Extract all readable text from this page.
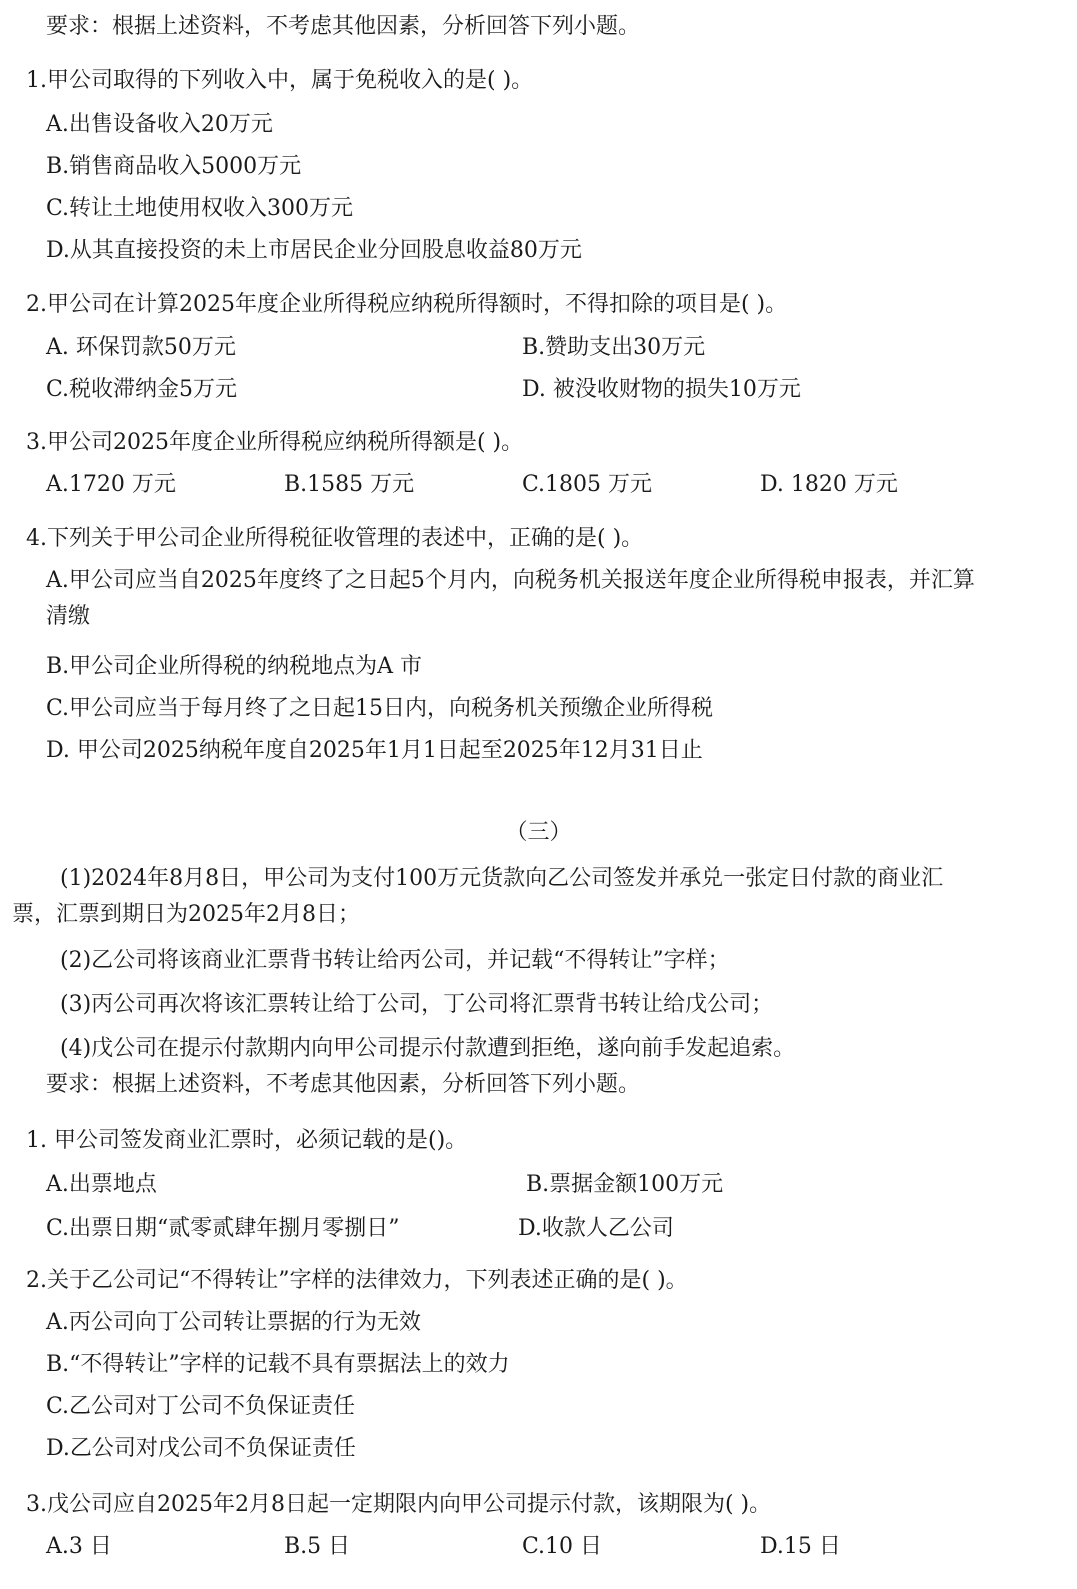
要求：根据上述资料，不考虑其他因素，分析回答下列小题。
1.甲公司取得的下列收入中，属于免税收入的是( )。
A.出售设备收入20万元
B.销售商品收入5000万元
C.转让土地使用权收入300万元
D.从其直接投资的未上市居民企业分回股息收益80万元
2.甲公司在计算2025年度企业所得税应纳税所得额时，不得扣除的项目是( )。
A. 环保罚款50万元	B.赞助支出30万元
C.税收滞纳金5万元	D. 被没收财物的损失10万元
3.甲公司2025年度企业所得税应纳税所得额是( )。
A.1720 万元	B.1585 万元	C.1805 万元	D. 1820 万元
4.下列关于甲公司企业所得税征收管理的表述中，正确的是( )。
A.甲公司应当自2025年度终了之日起5个月内，向税务机关报送年度企业所得税申报表，并汇算
清缴
B.甲公司企业所得税的纳税地点为A 市
C.甲公司应当于每月终了之日起15日内，向税务机关预缴企业所得税
D. 甲公司2025纳税年度自2025年1月1日起至2025年12月31日止
（三）
(1)2024年8月8日，甲公司为支付100万元货款向乙公司签发并承兑一张定日付款的商业汇
票，汇票到期日为2025年2月8日；
(2)乙公司将该商业汇票背书转让给丙公司，并记载“不得转让”字样；
(3)丙公司再次将该汇票转让给丁公司，丁公司将汇票背书转让给戊公司；
(4)戊公司在提示付款期内向甲公司提示付款遭到拒绝，遂向前手发起追索。
要求：根据上述资料，不考虑其他因素，分析回答下列小题。
1. 甲公司签发商业汇票时，必须记载的是()。
A.出票地点	B.票据金额100万元
C.出票日期“贰零贰肆年捌月零捌日”	D.收款人乙公司
2.关于乙公司记“不得转让”字样的法律效力，下列表述正确的是( )。
A.丙公司向丁公司转让票据的行为无效
B.“不得转让”字样的记载不具有票据法上的效力
C.乙公司对丁公司不负保证责任
D.乙公司对戊公司不负保证责任
3.戊公司应自2025年2月8日起一定期限内向甲公司提示付款，该期限为( )。
A.3 日	B.5 日	C.10 日	D.15 日
